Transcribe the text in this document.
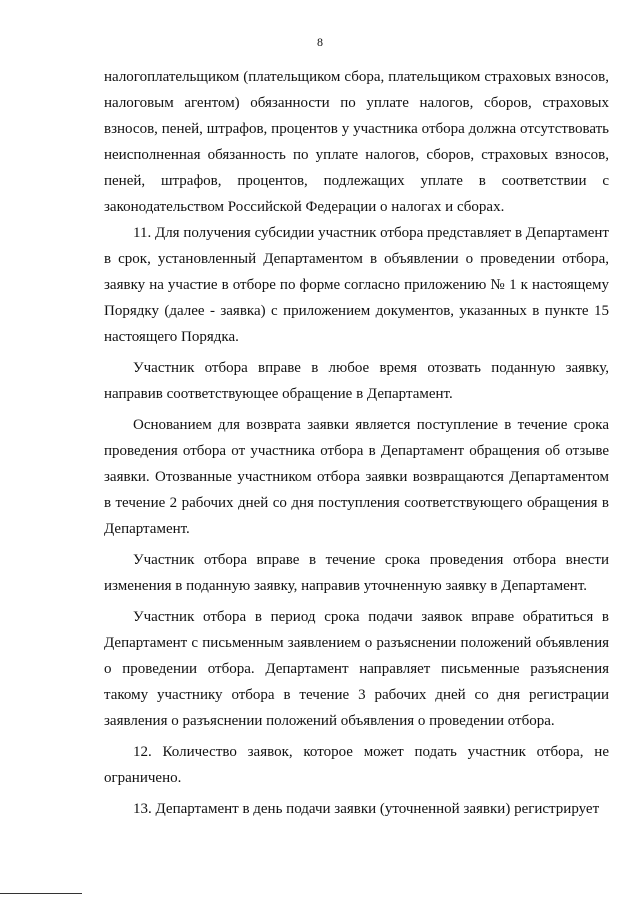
8

налогоплательщиком (плательщиком сбора, плательщиком страховых взносов, налоговым агентом) обязанности по уплате налогов, сборов, страховых взносов, пеней, штрафов, процентов у участника отбора должна отсутствовать неисполненная обязанность по уплате налогов, сборов, страховых взносов, пеней, штрафов, процентов, подлежащих уплате в соответствии с законодательством Российской Федерации о налогах и сборах.

11. Для получения субсидии участник отбора представляет в Департамент в срок, установленный Департаментом в объявлении о проведении отбора, заявку на участие в отборе по форме согласно приложению № 1 к настоящему Порядку (далее - заявка) с приложением документов, указанных в пункте 15 настоящего Порядка.

Участник отбора вправе в любое время отозвать поданную заявку, направив соответствующее обращение в Департамент.

Основанием для возврата заявки является поступление в течение срока проведения отбора от участника отбора в Департамент обращения об отзыве заявки. Отозванные участником отбора заявки возвращаются Департаментом в течение 2 рабочих дней со дня поступления соответствующего обращения в Департамент.

Участник отбора вправе в течение срока проведения отбора внести изменения в поданную заявку, направив уточненную заявку в Департамент.

Участник отбора в период срока подачи заявок вправе обратиться в Департамент с письменным заявлением о разъяснении положений объявления о проведении отбора. Департамент направляет письменные разъяснения такому участнику отбора в течение 3 рабочих дней со дня регистрации заявления о разъяснении положений объявления о проведении отбора.

12. Количество заявок, которое может подать участник отбора, не ограничено.

13. Департамент в день подачи заявки (уточненной заявки) регистрирует
